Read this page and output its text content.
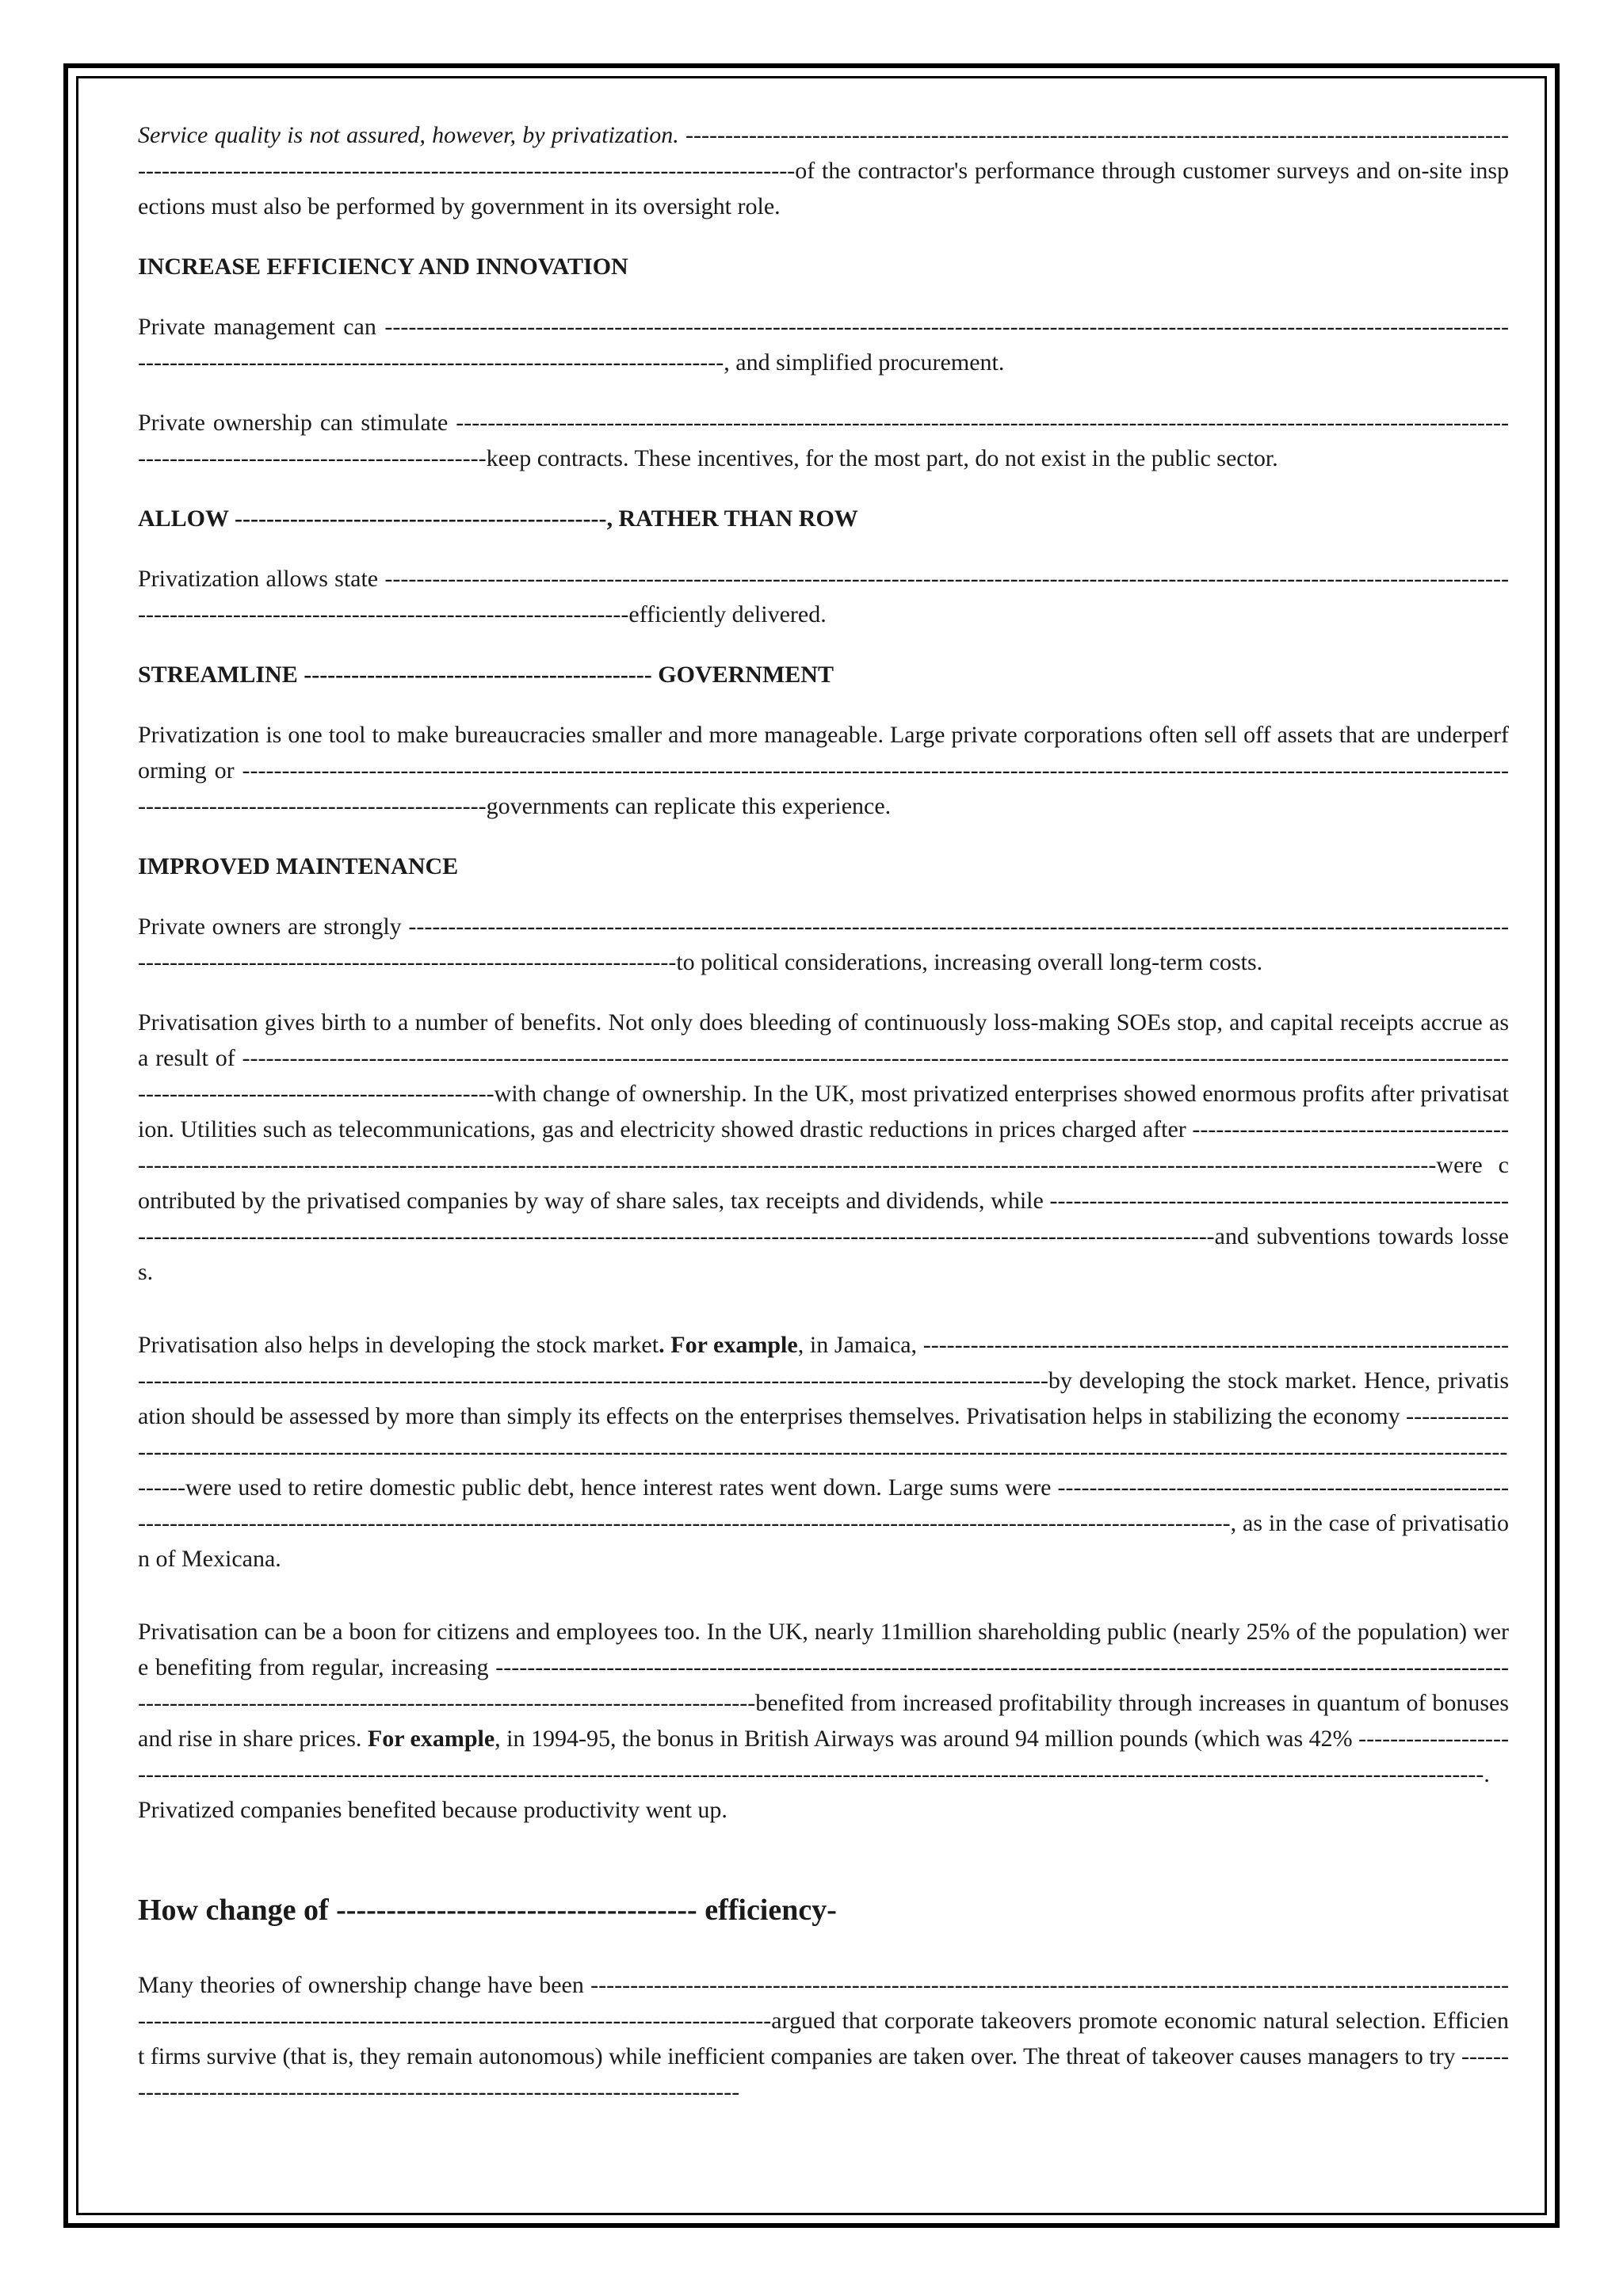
Service quality is not assured, however, by privatization. -------------------------------------------------------------------------------------------------------------------------------------------------------------------------------------------of the contractor's performance through customer surveys and on-site inspections must also be performed by government in its oversight role.

INCREASE EFFICIENCY AND INNOVATION

Private management can ------------------------------------------------------------------------------------------------------------------------------------------------------------------------------------------------------------------------, and simplified procurement.

Private ownership can stimulate ---------------------------------------------------------------------------------------------------------------------------------------------------------------------------------keep contracts. These incentives, for the most part, do not exist in the public sector.

ALLOW -----------------------------------------------, RATHER THAN ROW

Privatization allows state ------------------------------------------------------------------------------------------------------------------------------------------------------------------------------------------------------------efficiently delivered.

STREAMLINE -------------------------------------------- GOVERNMENT

Privatization is one tool to make bureaucracies smaller and more manageable. Large private corporations often sell off assets that are underperforming or ------------------------------------------------------------------------------------------------------------------------------------------------------------------------------------------------------------governments can replicate this experience.

IMPROVED MAINTENANCE

Private owners are strongly ---------------------------------------------------------------------------------------------------------------------------------------------------------------------------------------------------------------to political considerations, increasing overall long-term costs.

Privatisation gives birth to a number of benefits. Not only does bleeding of continuously loss-making SOEs stop, and capital receipts accrue as a result of -------------------------------------------------------------------------------------------------------------------------------------------------------------------------------------------------------------with change of ownership. In the UK, most privatized enterprises showed enormous profits after privatisation. Utilities such as telecommunications, gas and electricity showed drastic reductions in prices charged after ------------------------------------------------------------------------------------------------------------------------------------------------------------------------------------------------------------were contributed by the privatised companies by way of share sales, tax receipts and dividends, while --------------------------------------------------------------------------------------------------------------------------------------------------------------------------------------------------and subventions towards losses.

Privatisation also helps in developing the stock market. For example, in Jamaica, ---------------------------------------------------------------------------------------------------------------------------------------------------------------------------------------------by developing the stock market. Hence, privatisation should be assessed by more than simply its effects on the enterprises themselves. Privatisation helps in stabilizing the economy ------------------------------------------------------------------------------------------------------------------------------------------------------------------------------------------------were used to retire domestic public debt, hence interest rates went down. Large sums were ---------------------------------------------------------------------------------------------------------------------------------------------------------------------------------------------------, as in the case of privatisation of Mexicana.

Privatisation can be a boon for citizens and employees too. In the UK, nearly 11million shareholding public (nearly 25% of the population) were benefiting from regular, increasing --------------------------------------------------------------------------------------------------------------------------------------------------------------------------------------------------------------benefited from increased profitability through increases in quantum of bonuses and rise in share prices. For example, in 1994-95, the bonus in British Airways was around 94 million pounds (which was 42% ---------------------------------------------------------------------------------------------------------------------------------------------------------------------------------------------. Privatized companies benefited because productivity went up.

How change of ------------------------------------ efficiency-

Many theories of ownership change have been ----------------------------------------------------------------------------------------------------------------------------------------------------------------------------------------------------argued that corporate takeovers promote economic natural selection. Efficient firms survive (that is, they remain autonomous) while inefficient companies are taken over. The threat of takeover causes managers to try ----------------------------------------------------------------------------------
